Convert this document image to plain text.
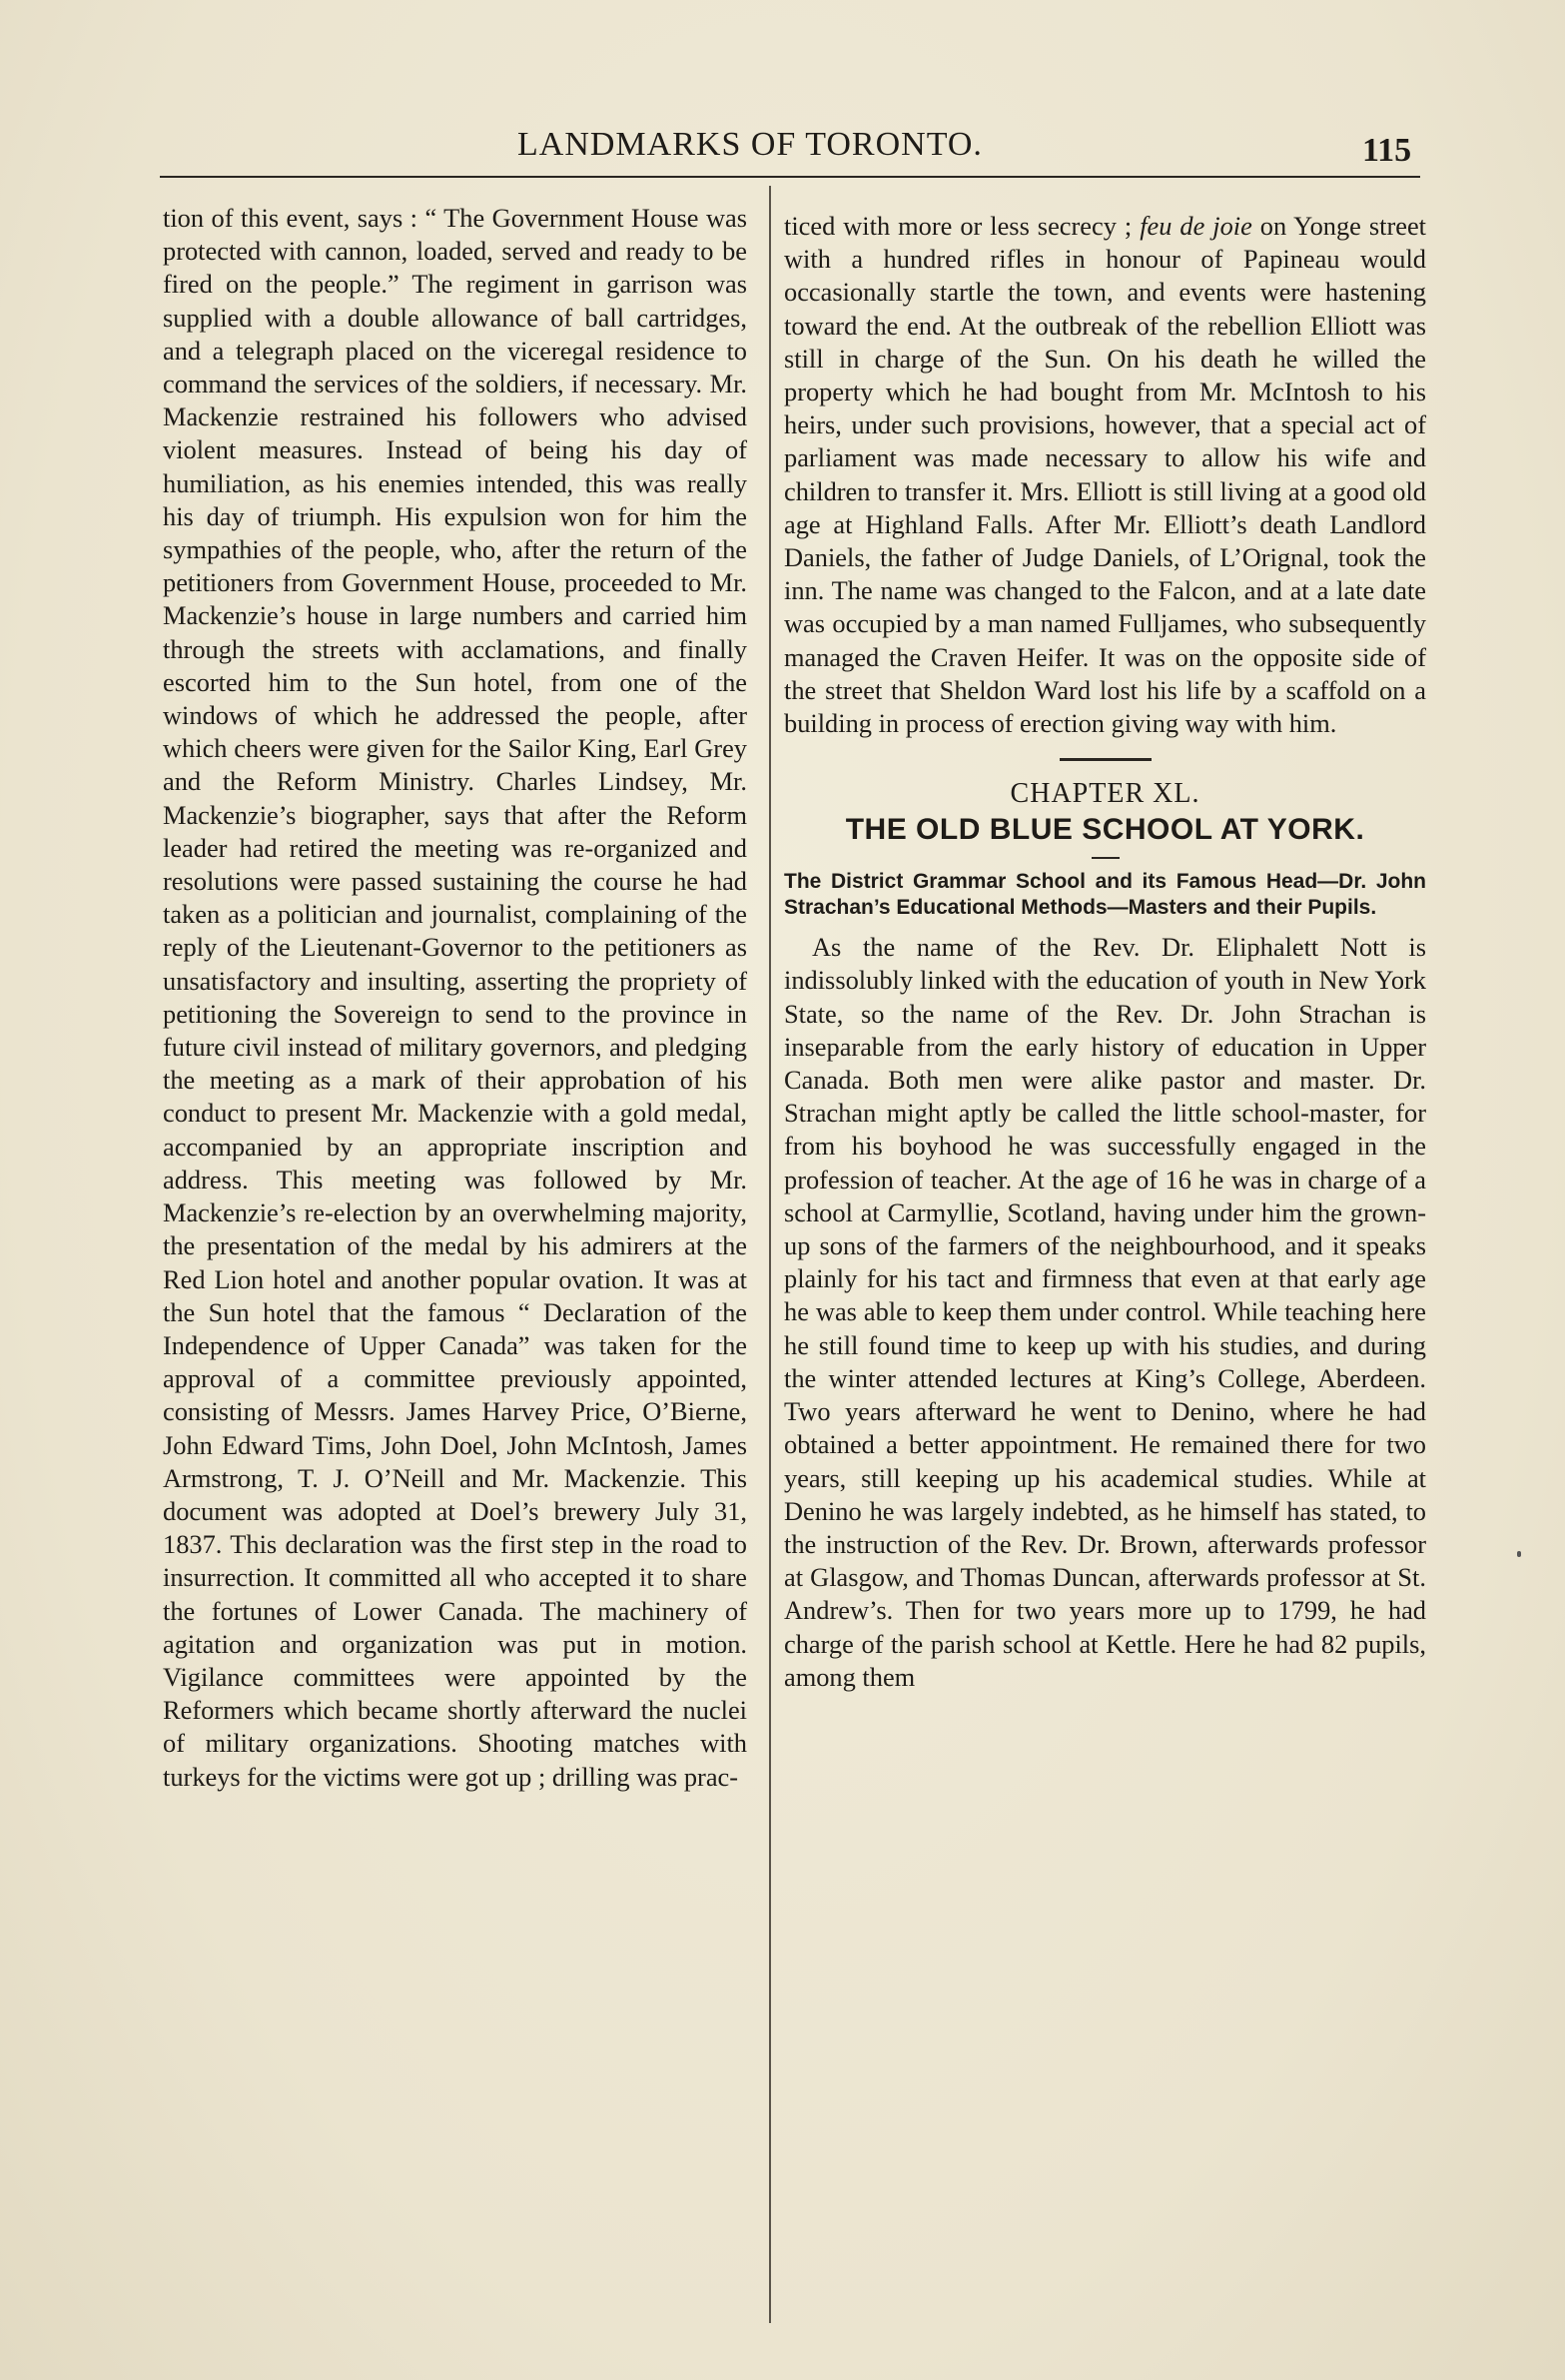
LANDMARKS OF TORONTO.	115

tion of this event, says : “ The Government House was protected with cannon, loaded, served and ready to be fired on the people.” The regiment in garrison was supplied with a double allowance of ball cartridges, and a telegraph placed on the viceregal residence to command the services of the soldiers, if necessary. Mr. Mackenzie restrained his followers who advised violent measures. Instead of being his day of humiliation, as his enemies intended, this was really his day of triumph. His expulsion won for him the sympathies of the people, who, after the return of the petitioners from Government House, proceeded to Mr. Mackenzie’s house in large numbers and carried him through the streets with acclamations, and finally escorted him to the Sun hotel, from one of the windows of which he addressed the people, after which cheers were given for the Sailor King, Earl Grey and the Reform Ministry. Charles Lindsey, Mr. Mackenzie’s biographer, says that after the Reform leader had retired the meeting was re-organized and resolutions were passed sustaining the course he had taken as a politician and journalist, complaining of the reply of the Lieutenant-Governor to the petitioners as unsatisfactory and insulting, asserting the propriety of petitioning the Sovereign to send to the province in future civil instead of military governors, and pledging the meeting as a mark of their approbation of his conduct to present Mr. Mackenzie with a gold medal, accompanied by an appropriate inscription and address. This meeting was followed by Mr. Mackenzie’s re-election by an overwhelming majority, the presentation of the medal by his admirers at the Red Lion hotel and another popular ovation. It was at the Sun hotel that the famous “ Declaration of the Independence of Upper Canada” was taken for the approval of a committee previously appointed, consisting of Messrs. James Harvey Price, O’Bierne, John Edward Tims, John Doel, John McIntosh, James Armstrong, T. J. O’Neill and Mr. Mackenzie. This document was adopted at Doel’s brewery July 31, 1837. This declaration was the first step in the road to insurrection. It committed all who accepted it to share the fortunes of Lower Canada. The machinery of agitation and organization was put in motion. Vigilance committees were appointed by the Reformers which became shortly afterward the nuclei of military organizations. Shooting matches with turkeys for the victims were got up ; drilling was prac-

ticed with more or less secrecy ; feu de joie on Yonge street with a hundred rifles in honour of Papineau would occasionally startle the town, and events were hastening toward the end. At the outbreak of the rebellion Elliott was still in charge of the Sun. On his death he willed the property which he had bought from Mr. McIntosh to his heirs, under such provisions, however, that a special act of parliament was made necessary to allow his wife and children to transfer it. Mrs. Elliott is still living at a good old age at Highland Falls. After Mr. Elliott’s death Landlord Daniels, the father of Judge Daniels, of L’Orignal, took the inn. The name was changed to the Falcon, and at a late date was occupied by a man named Fulljames, who subsequently managed the Craven Heifer. It was on the opposite side of the street that Sheldon Ward lost his life by a scaffold on a building in process of erection giving way with him.

CHAPTER XL.
THE OLD BLUE SCHOOL AT YORK.
The District Grammar School and its Famous Head—Dr. John Strachan’s Educational Methods—Masters and their Pupils.

As the name of the Rev. Dr. Eliphalett Nott is indissolubly linked with the education of youth in New York State, so the name of the Rev. Dr. John Strachan is inseparable from the early history of education in Upper Canada. Both men were alike pastor and master. Dr. Strachan might aptly be called the little school-master, for from his boyhood he was successfully engaged in the profession of teacher. At the age of 16 he was in charge of a school at Carmyllie, Scotland, having under him the grown-up sons of the farmers of the neighbourhood, and it speaks plainly for his tact and firmness that even at that early age he was able to keep them under control. While teaching here he still found time to keep up with his studies, and during the winter attended lectures at King’s College, Aberdeen. Two years afterward he went to Denino, where he had obtained a better appointment. He remained there for two years, still keeping up his academical studies. While at Denino he was largely indebted, as he himself has stated, to the instruction of the Rev. Dr. Brown, afterwards professor at Glasgow, and Thomas Duncan, afterwards professor at St. Andrew’s. Then for two years more up to 1799, he had charge of the parish school at Kettle. Here he had 82 pupils, among them
